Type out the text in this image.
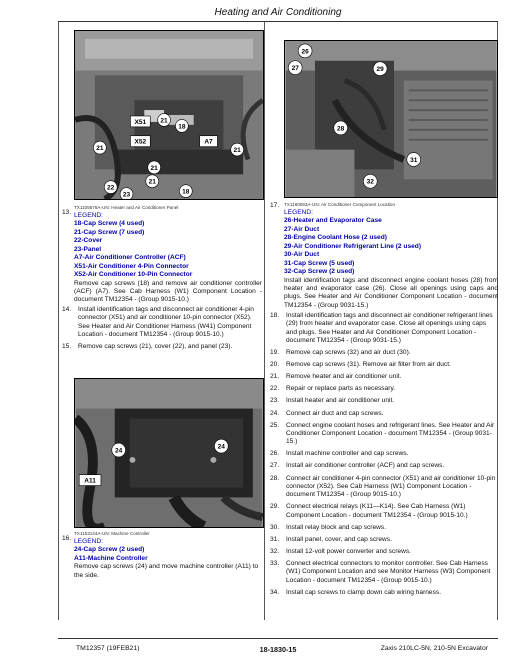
Heating and Air Conditioning
X51
X52
21
18
21
A7
21
21
21
22
23	18
13.
TX1105578A-UN: Heater and Air Conditioner Panel
LEGEND:
18-Cap Screw (4 used)
21-Cap Screw (7 used)
22-Cover
23-Panel
A7-Air Conditioner Controller (ACF)
X51-Air Conditioner 4-Pin Connector
X52-Air Conditioner 10-Pin Connector
Remove cap screws (18) and remove air conditioner controller (ACF) (A7). See Cab Harness (W1) Component Location - document TM12354 - (Group 9015-10.)
14.	Install identification tags and disconnect air conditioner 4-pin connector (X51) and air conditioner 10-pin connector (X52). See Heater and Air Conditioner Harness (W41) Component Location - document TM12354 - (Group 9015-10.)
15.	Remove cap screws (21), cover (22), and panel (23).
24
24
A11
16.
TX1153144A-UN: Machine Controller
LEGEND:
24-Cap Screw (2 used)
A11-Machine Controller
Remove cap screws (24) and move machine controller (A11) to the side.
26
27	29
28
31
32
17. TX1180093A-UN: Air Conditioner Component Location
LEGEND:
26-Heater and Evaporator Case
27-Air Duct
28-Engine Coolant Hose (2 used)
29-Air Conditioner Refrigerant Line (2 used)
30-Air Duct
31-Cap Screw (5 used)
32-Cap Screw (2 used)
Install identification tags and disconnect engine coolant hoses (28) from heater and evaporator case (26). Close all openings using caps and plugs. See Heater and Air Conditioner Component Location - document TM12354 - (Group 9031-15.)
18.	Install identification tags and disconnect air conditioner refrigerant lines (29) from heater and evaporator case. Close all openings using caps and plugs. See Heater and Air Conditioner Component Location - document TM12354 - (Group 9031-15.)
19.	Remove cap screws (32) and air duct (30).
20.	Remove cap screws (31). Remove air filter from air duct.
21.	Remove heater and air conditioner unit.
22.	Repair or replace parts as necessary.
23.	Install heater and air conditioner unit.
24.	Connect air duct and cap screws.
25.	Connect engine coolant hoses and refrigerant lines. See Heater and Air Conditioner Component Location - document TM12354 - (Group 9031-15.)
26.	Install machine controller and cap screws.
27.	Install air conditioner controller (ACF) and cap screws.
28.	Connect air conditioner 4-pin connector (X51) and air conditioner 10-pin connector (X52). See Cab Harness (W1) Component Location - document TM12354 - (Group 9015-10.)
29.	Connect electrical relays (K11—K14). See Cab Harness (W1) Component Location - document TM12354 - (Group 9015-10.)
30.	Install relay block and cap screws.
31.	Install panel, cover, and cap screws.
32.	Install 12-volt power converter and screws.
33.	Connect electrical connectors to monitor controller. See Cab Harness (W1) Component Location and see Monitor Harness (W3) Component Location - document TM12354 - (Group 9015-10.)
34.	Install cap screws to clamp down cab wiring harness.
TM12357 (19FEB21)	18-1830-15	Zaxis 210LC-5N, 210-5N Excavator
